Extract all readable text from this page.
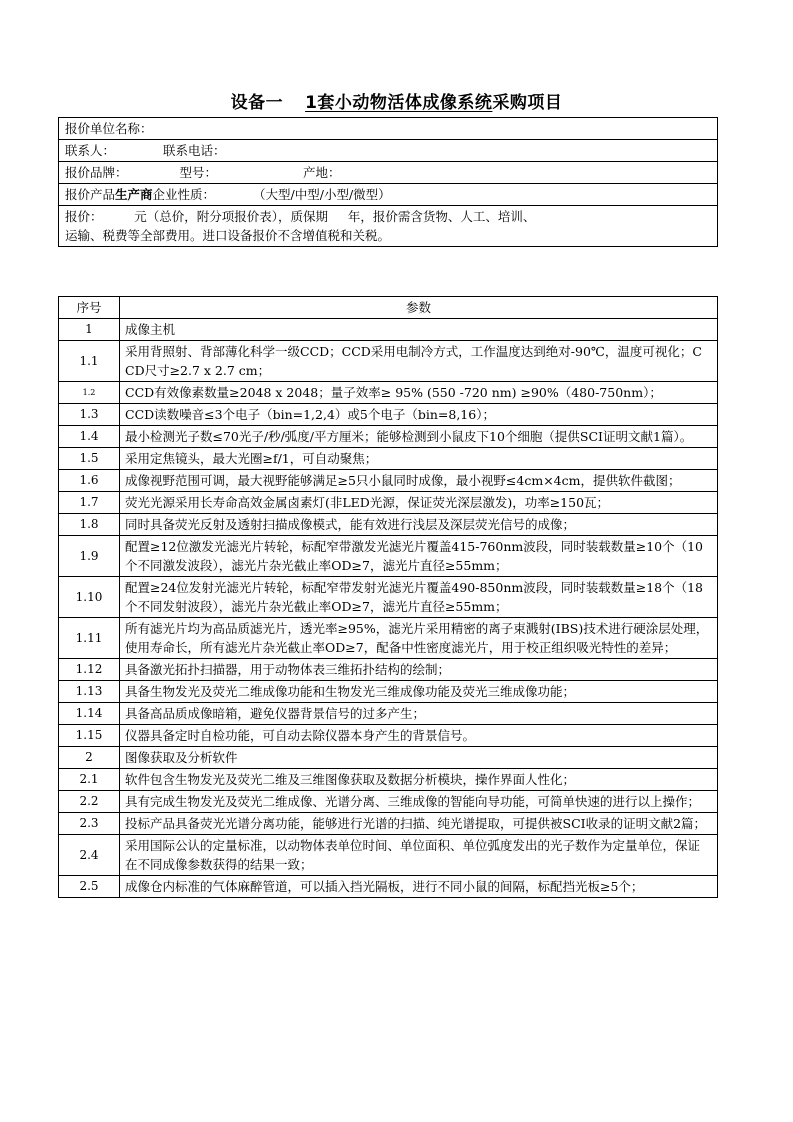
设备一 1套小动物活体成像系统采购项目
报价单位名称：
联系人：	联系电话：
报价品牌：	型号：	产地：
报价产品生产商企业性质：	（大型/中型/小型/微型）
报价：        元（总价，附分项报价表），质保期     年，报价需含货物、人工、培训、
运输、税费等全部费用。进口设备报价不含增值税和关税。
序号	参数
1	成像主机
1.1	采用背照射、背部薄化科学一级CCD；CCD采用电制冷方式，工作温度达到绝对-90℃，温度可视化；CCD尺寸≥2.7 x 2.7 cm；
1.2	CCD有效像素数量≥2048 x 2048；量子效率≥ 95% (550 -720 nm) ≥90%（480-750nm）；
1.3	CCD读数噪音≤3个电子（bin=1,2,4）或5个电子（bin=8,16）；
1.4	最小检测光子数≤70光子/秒/弧度/平方厘米；能够检测到小鼠皮下10个细胞（提供SCI证明文献1篇）。
1.5	采用定焦镜头，最大光圈≥f/1，可自动聚焦；
1.6	成像视野范围可调，最大视野能够满足≥5只小鼠同时成像，最小视野≤4cm×4cm，提供软件截图；
1.7	荧光光源采用长寿命高效金属卤素灯(非LED光源，保证荧光深层激发)，功率≥150瓦；
1.8	同时具备荧光反射及透射扫描成像模式，能有效进行浅层及深层荧光信号的成像；
1.9	配置≥12位激发光滤光片转轮，标配窄带激发光滤光片覆盖415-760nm波段，同时装载数量≥10个（10个不同激发波段），滤光片杂光截止率OD≥7，滤光片直径≥55mm；
1.10	配置≥24位发射光滤光片转轮，标配窄带发射光滤光片覆盖490-850nm波段，同时装载数量≥18个（18个不同发射波段），滤光片杂光截止率OD≥7，滤光片直径≥55mm；
1.11	所有滤光片均为高品质滤光片，透光率≥95%，滤光片采用精密的离子束溅射(IBS)技术进行硬涂层处理，使用寿命长，所有滤光片杂光截止率OD≥7，配备中性密度滤光片，用于校正组织吸光特性的差异；
1.12	具备激光拓扑扫描器，用于动物体表三维拓扑结构的绘制；
1.13	具备生物发光及荧光二维成像功能和生物发光三维成像功能及荧光三维成像功能；
1.14	具备高品质成像暗箱，避免仪器背景信号的过多产生；
1.15	仪器具备定时自检功能，可自动去除仪器本身产生的背景信号。
2	图像获取及分析软件
2.1	软件包含生物发光及荧光二维及三维图像获取及数据分析模块，操作界面人性化；
2.2	具有完成生物发光及荧光二维成像、光谱分离、三维成像的智能向导功能，可简单快速的进行以上操作；
2.3	投标产品具备荧光光谱分离功能，能够进行光谱的扫描、纯光谱提取，可提供被SCI收录的证明文献2篇；
2.4	采用国际公认的定量标准，以动物体表单位时间、单位面积、单位弧度发出的光子数作为定量单位，保证在不同成像参数获得的结果一致；
2.5	成像仓内标准的气体麻醉管道，可以插入挡光隔板，进行不同小鼠的间隔，标配挡光板≥5个；
